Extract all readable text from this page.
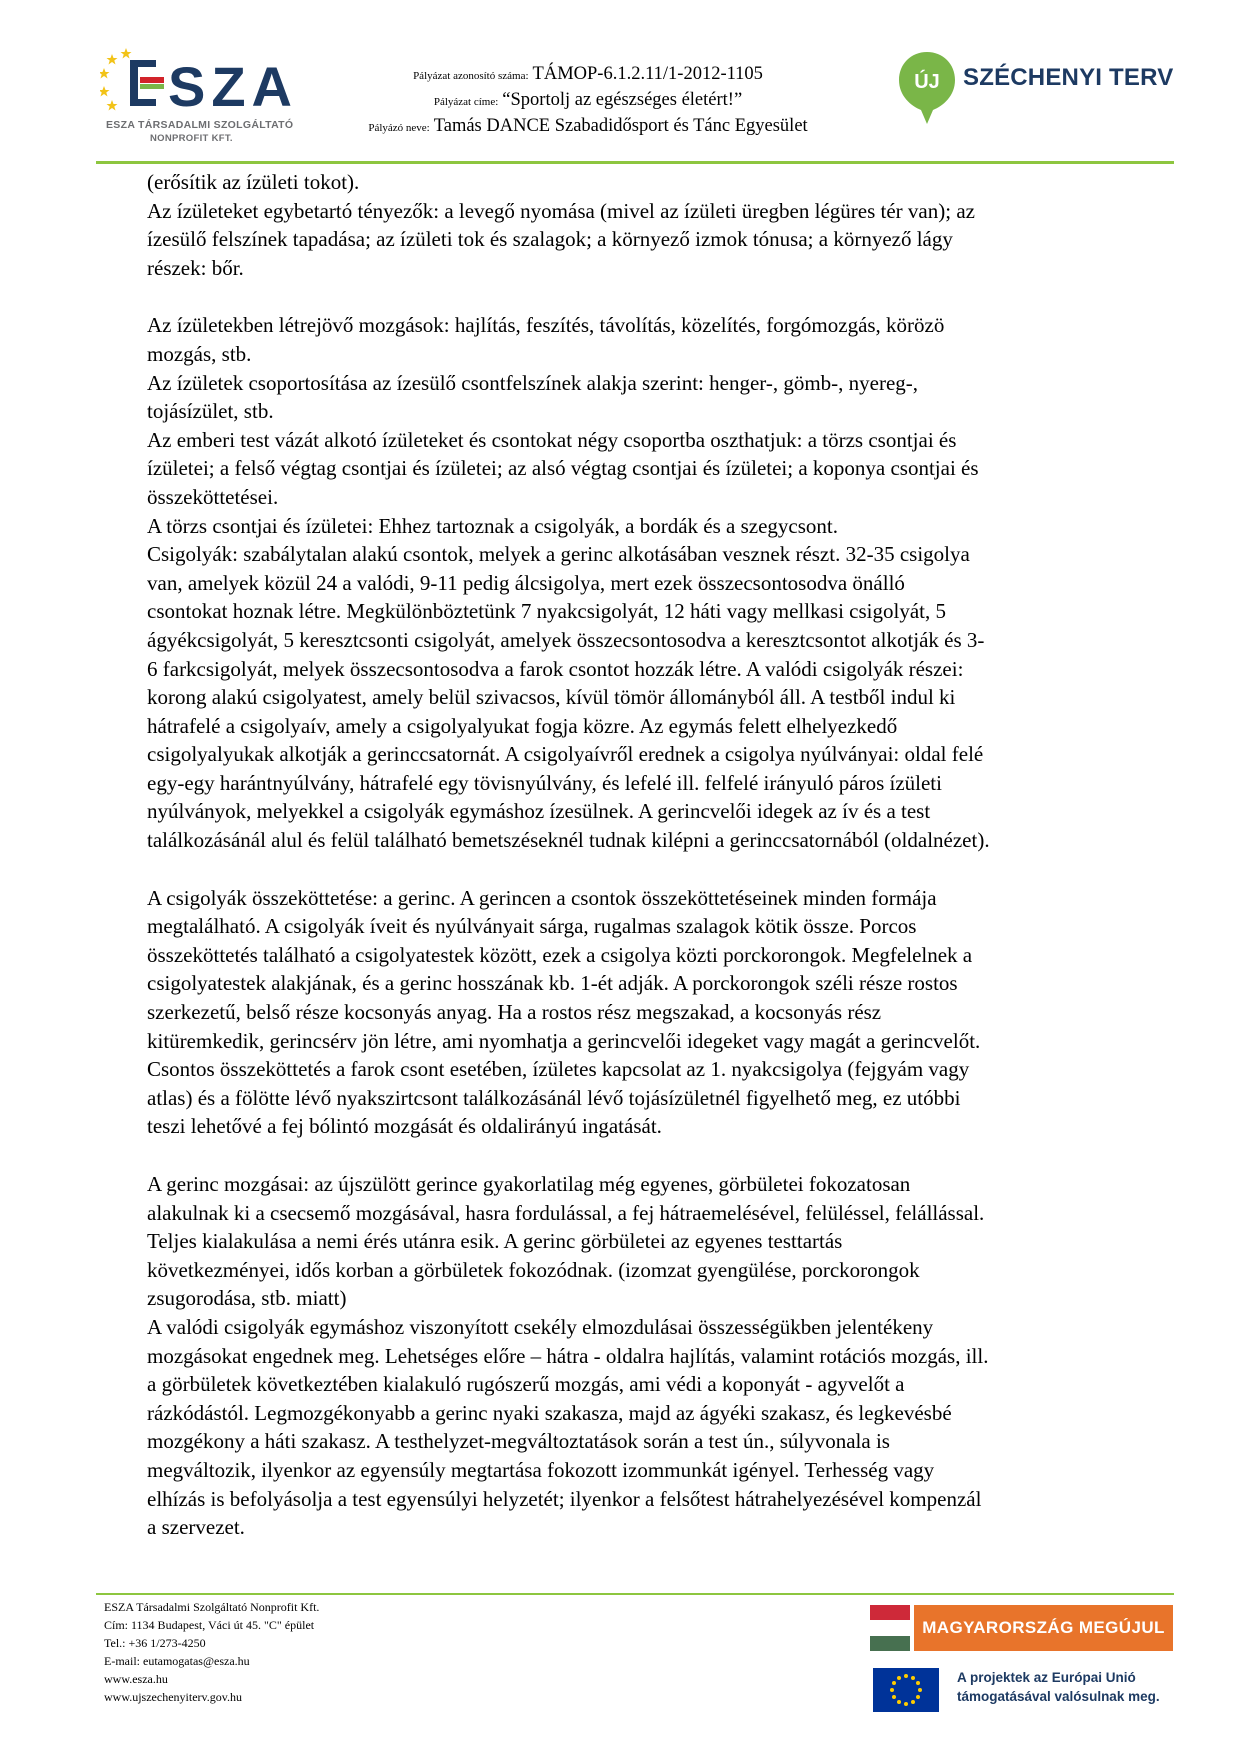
SZA
ESZA TÁRSADALMI SZOLGÁLTATÓ
NONPROFIT KFT.
Pályázat azonosító száma: TÁMOP-6.1.2.11/1-2012-1105
Pályázat címe: “Sportolj az egészséges életért!”
Pályázó neve: Tamás DANCE Szabadidősport és Tánc Egyesület
ÚJ SZÉCHENYI TERV

(erősítik az ízületi tokot).

Az ízületeket egybetartó tényezők: a levegő nyomása (mivel az ízületi üregben légüres tér van); az

ízesülő felszínek tapadása; az ízületi tok és szalagok; a környező izmok tónusa; a környező lágy

részek: bőr.

Az ízületekben létrejövő mozgások: hajlítás, feszítés, távolítás, közelítés, forgómozgás, körözö

mozgás, stb.

Az ízületek csoportosítása az ízesülő csontfelszínek alakja szerint: henger-, gömb-, nyereg-,

tojásízület, stb.

Az emberi test vázát alkotó ízületeket és csontokat négy csoportba oszthatjuk: a törzs csontjai és

ízületei; a felső végtag csontjai és ízületei; az alsó végtag csontjai és ízületei; a koponya csontjai és

összeköttetései.

A törzs csontjai és ízületei: Ehhez tartoznak a csigolyák, a bordák és a szegycsont.

Csigolyák: szabálytalan alakú csontok, melyek a gerinc alkotásában vesznek részt. 32-35 csigolya

van, amelyek közül 24 a valódi, 9-11 pedig álcsigolya, mert ezek összecsontosodva önálló

csontokat hoznak létre. Megkülönböztetünk 7 nyakcsigolyát, 12 háti vagy mellkasi csigolyát, 5

ágyékcsigolyát, 5 keresztcsonti csigolyát, amelyek összecsontosodva a keresztcsontot alkotják és 3-

6 farkcsigolyát, melyek összecsontosodva a farok csontot hozzák létre. A valódi csigolyák részei:

korong alakú csigolyatest, amely belül szivacsos, kívül tömör állományból áll. A testből indul ki

hátrafelé a csigolyaív, amely a csigolyalyukat fogja közre. Az egymás felett elhelyezkedő

csigolyalyukak alkotják a gerinccsatornát. A csigolyaívről erednek a csigolya nyúlványai: oldal felé

egy-egy harántnyúlvány, hátrafelé egy tövisnyúlvány, és lefelé ill. felfelé irányuló páros ízületi

nyúlványok, melyekkel a csigolyák egymáshoz ízesülnek. A gerincvelői idegek az ív és a test

találkozásánál alul és felül található bemetszéseknél tudnak kilépni a gerinccsatornából (oldalnézet).

A csigolyák összeköttetése: a gerinc. A gerincen a csontok összeköttetéseinek minden formája

megtalálható. A csigolyák íveit és nyúlványait sárga, rugalmas szalagok kötik össze. Porcos

összeköttetés található a csigolyatestek között, ezek a csigolya közti porckorongok. Megfelelnek a

csigolyatestek alakjának, és a gerinc hosszának kb. 1-ét adják. A porckorongok széli része rostos

szerkezetű, belső része kocsonyás anyag. Ha a rostos rész megszakad, a kocsonyás rész

kitüremkedik, gerincsérv jön létre, ami nyomhatja a gerincvelői idegeket vagy magát a gerincvelőt.

Csontos összeköttetés a farok csont esetében, ízületes kapcsolat az 1. nyakcsigolya (fejgyám vagy

atlas) és a fölötte lévő nyakszirtcsont találkozásánál lévő tojásízületnél figyelhető meg, ez utóbbi

teszi lehetővé a fej bólintó mozgását és oldalirányú ingatását.

A gerinc mozgásai: az újszülött gerince gyakorlatilag még egyenes, görbületei fokozatosan

alakulnak ki a csecsemő mozgásával, hasra fordulással, a fej hátraemelésével, felüléssel, felállással.

Teljes kialakulása a nemi érés utánra esik. A gerinc görbületei az egyenes testtartás

következményei, idős korban a görbületek fokozódnak. (izomzat gyengülése, porckorongok

zsugorodása, stb. miatt)

A valódi csigolyák egymáshoz viszonyított csekély elmozdulásai összességükben jelentékeny

mozgásokat engednek meg. Lehetséges előre – hátra - oldalra hajlítás, valamint rotációs mozgás, ill.

a görbületek következtében kialakuló rugószerű mozgás, ami védi a koponyát - agyvelőt a

rázkódástól. Legmozgékonyabb a gerinc nyaki szakasza, majd az ágyéki szakasz, és legkevésbé

mozgékony a háti szakasz. A testhelyzet-megváltoztatások során a test ún., súlyvonala is

megváltozik, ilyenkor az egyensúly megtartása fokozott izommunkát igényel. Terhesség vagy

elhízás is befolyásolja a test egyensúlyi helyzetét; ilyenkor a felsőtest hátrahelyezésével kompenzál

a szervezet.

ESZA Társadalmi Szolgáltató Nonprofit Kft.
Cím: 1134 Budapest, Váci út 45. "C" épület
Tel.: +36 1/273-4250
E-mail: eutamogatas@esza.hu
www.esza.hu
www.ujszechenyiterv.gov.hu
MAGYARORSZÁG MEGÚJUL
A projektek az Európai Unió
támogatásával valósulnak meg.
